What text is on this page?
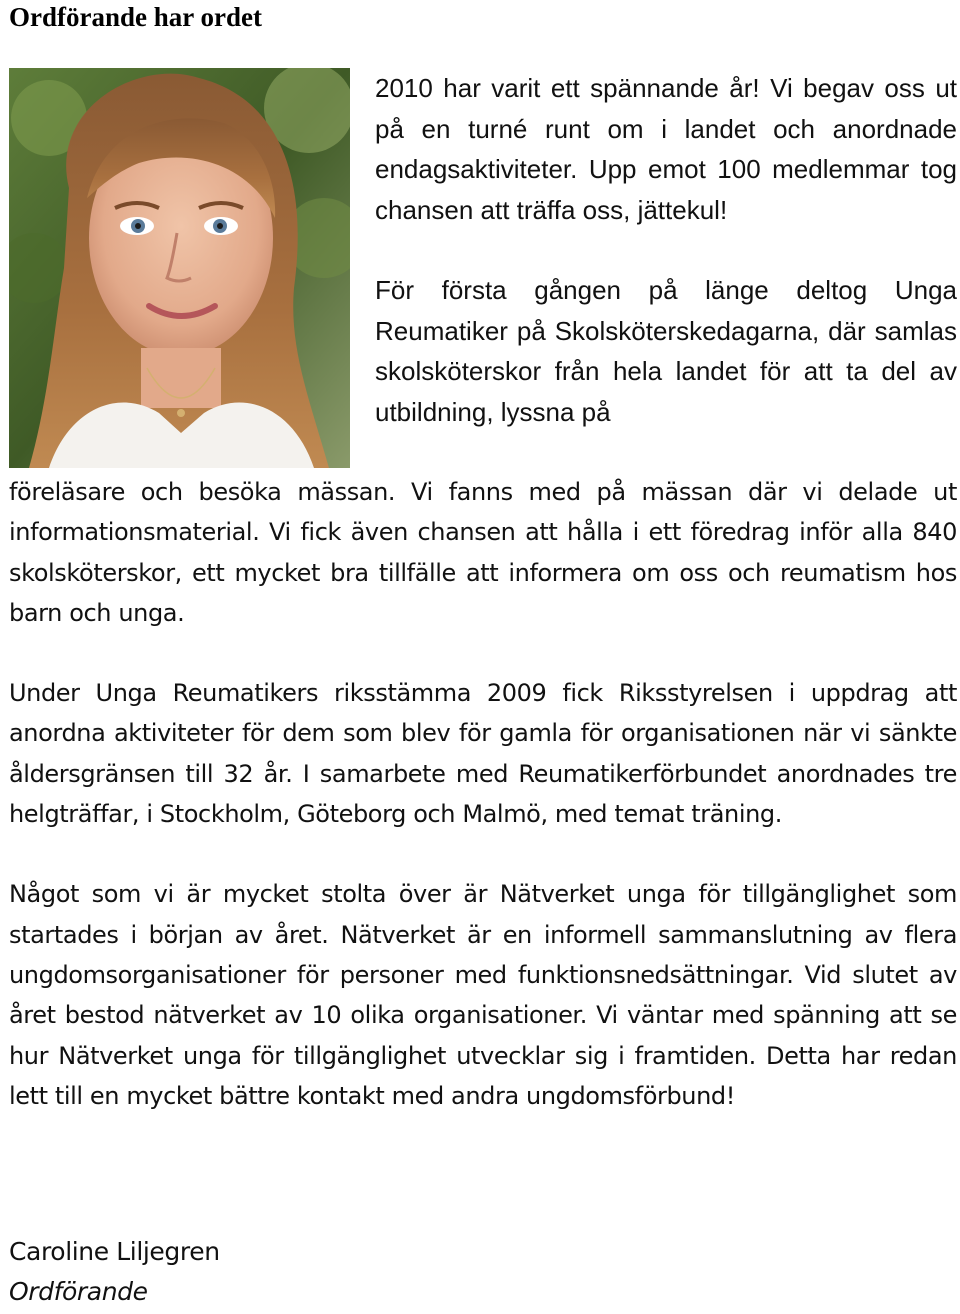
Ordförande har ordet

2010 har varit ett spännande år! Vi begav oss ut på en turné runt om i landet och anordnade endagsaktiviteter. Upp emot 100 medlemmar tog chansen att träffa oss, jättekul!

För första gången på länge deltog Unga Reumatiker på Skolsköterskedagarna, där samlas skolsköterskor från hela landet för att ta del av utbildning, lyssna på

föreläsare och besöka mässan. Vi fanns med på mässan där vi delade ut informationsmaterial. Vi fick även chansen att hålla i ett föredrag inför alla 840 skolsköterskor, ett mycket bra tillfälle att informera om oss och reumatism hos barn och unga.

Under Unga Reumatikers riksstämma 2009 fick Riksstyrelsen i uppdrag att anordna aktiviteter för dem som blev för gamla för organisationen när vi sänkte åldersgränsen till 32 år. I samarbete med Reumatikerförbundet anordnades tre helgträffar, i Stockholm, Göteborg och Malmö, med temat träning.

Något som vi är mycket stolta över är Nätverket unga för tillgänglighet som startades i början av året. Nätverket är en informell sammanslutning av flera ungdomsorganisationer för personer med funktionsnedsättningar. Vid slutet av året bestod nätverket av 10 olika organisationer. Vi väntar med spänning att se hur Nätverket unga för tillgänglighet utvecklar sig i framtiden. Detta har redan lett till en mycket bättre kontakt med andra ungdomsförbund!

Caroline Liljegren
Ordförande
